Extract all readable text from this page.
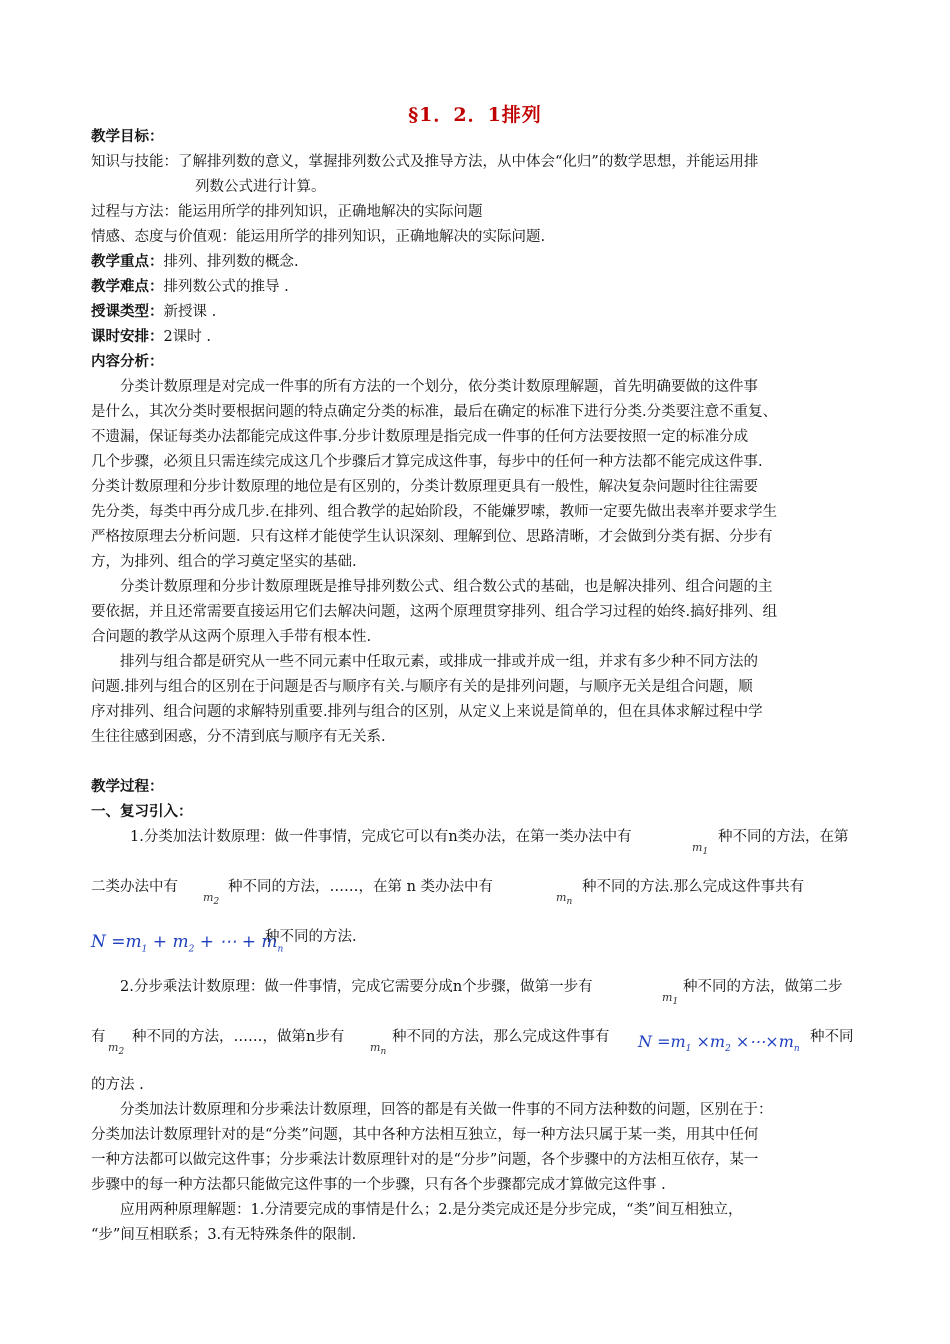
§1．2．1排列
教学目标：
知识与技能：了解排列数的意义，掌握排列数公式及推导方法，从中体会“化归”的数学思想，并能运用排
列数公式进行计算。
过程与方法：能运用所学的排列知识，正确地解决的实际问题
情感、态度与价值观：能运用所学的排列知识，正确地解决的实际问题.
教学重点：排列、排列数的概念.
教学难点：排列数公式的推导 .
授课类型：新授课 .
课时安排：2课时 .
内容分析：
分类计数原理是对完成一件事的所有方法的一个划分，依分类计数原理解题，首先明确要做的这件事
是什么，其次分类时要根据问题的特点确定分类的标准，最后在确定的标准下进行分类.分类要注意不重复、
不遗漏，保证每类办法都能完成这件事.分步计数原理是指完成一件事的任何方法要按照一定的标准分成
几个步骤，必须且只需连续完成这几个步骤后才算完成这件事，每步中的任何一种方法都不能完成这件事.
分类计数原理和分步计数原理的地位是有区别的，分类计数原理更具有一般性，解决复杂问题时往往需要
先分类，每类中再分成几步.在排列、组合教学的起始阶段，不能嫌罗嗦，教师一定要先做出表率并要求学生
严格按原理去分析问题．只有这样才能使学生认识深刻、理解到位、思路清晰，才会做到分类有据、分步有
方，为排列、组合的学习奠定坚实的基础.
分类计数原理和分步计数原理既是推导排列数公式、组合数公式的基础，也是解决排列、组合问题的主
要依据，并且还常需要直接运用它们去解决问题，这两个原理贯穿排列、组合学习过程的始终.搞好排列、组
合问题的教学从这两个原理入手带有根本性.
排列与组合都是研究从一些不同元素中任取元素，或排成一排或并成一组，并求有多少种不同方法的
问题.排列与组合的区别在于问题是否与顺序有关.与顺序有关的是排列问题，与顺序无关是组合问题，顺
序对排列、组合问题的求解特别重要.排列与组合的区别，从定义上来说是简单的，但在具体求解过程中学
生往往感到困惑，分不清到底与顺序有无关系.
教学过程：
一、复习引入：
1.分类加法计数原理：做一件事情，完成它可以有n类办法，在第一类办法中有
$m_1$
种不同的方法，在第
二类办法中有
$m_2$
种不同的方法，……，在第 n 类办法中有
$m_n$
种不同的方法.那么完成这件事共有
$N =m_1 + m_2$ + ⋯ + $m_n$
种不同的方法.
2.分步乘法计数原理：做一件事情，完成它需要分成n个步骤，做第一步有
$m_1$
种不同的方法，做第二步
有
$m_2$
种不同的方法，……，做第n步有
$m_n$
种不同的方法，那么完成这件事有 $N =m_1 \times m_2$ $\times\cdots\times m_n$
种不同
的方法 .
分类加法计数原理和分步乘法计数原理，回答的都是有关做一件事的不同方法种数的问题，区别在于：
分类加法计数原理针对的是“分类”问题，其中各种方法相互独立，每一种方法只属于某一类，用其中任何
一种方法都可以做完这件事；分步乘法计数原理针对的是“分步”问题，各个步骤中的方法相互依存，某一
步骤中的每一种方法都只能做完这件事的一个步骤，只有各个步骤都完成才算做完这件事 .
应用两种原理解题：1.分清要完成的事情是什么；2.是分类完成还是分步完成，“类”间互相独立，
“步”间互相联系；3.有无特殊条件的限制.
